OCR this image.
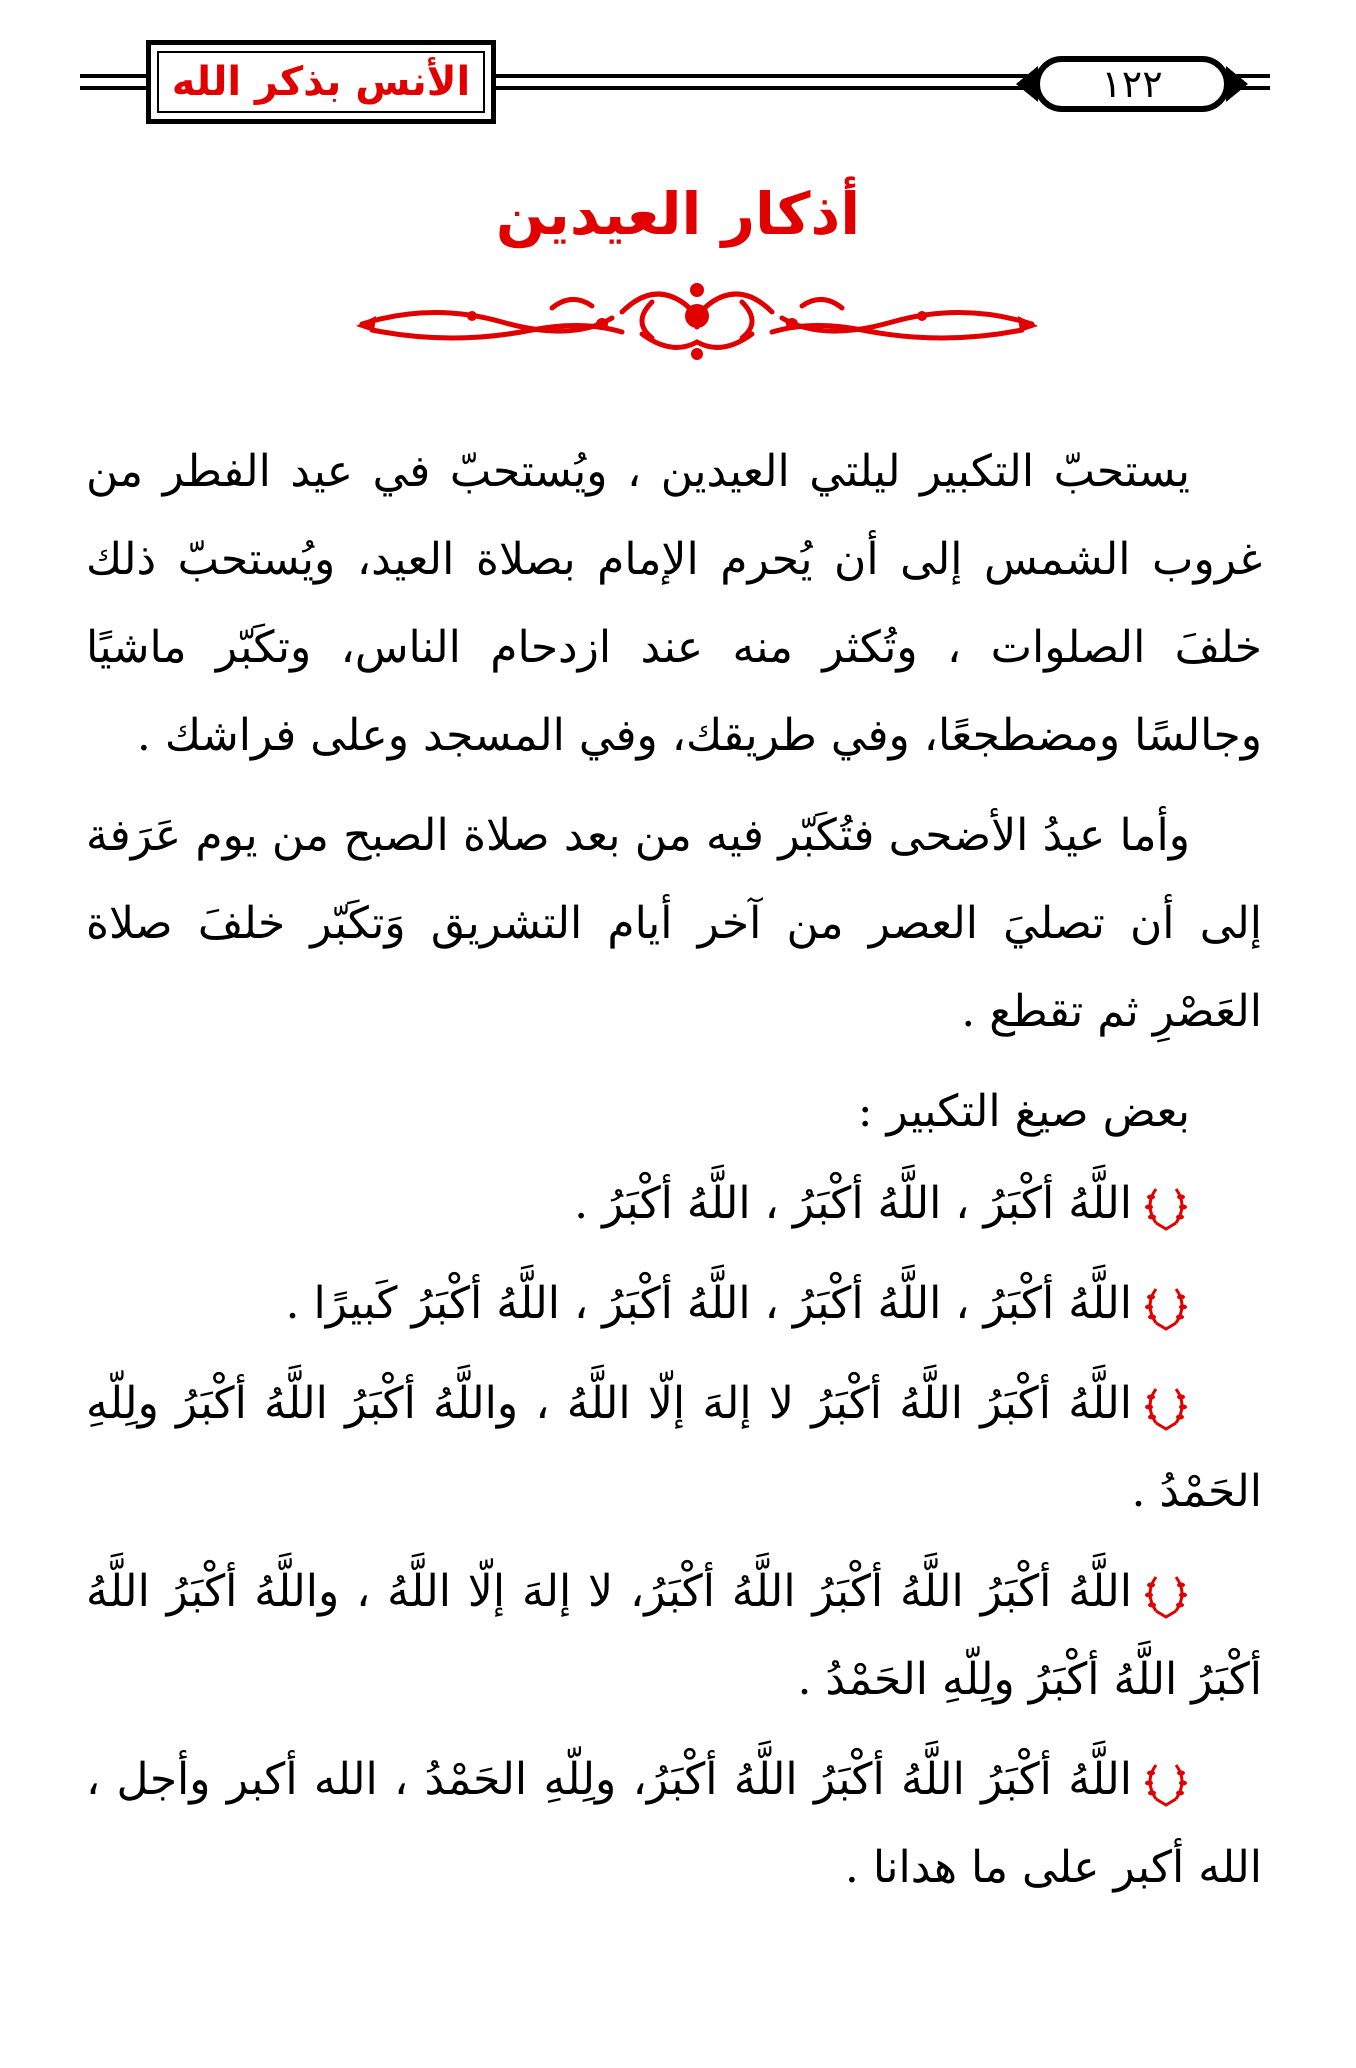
الأنس بذكر الله	١٢٢
أذكار العيدين

يستحبّ التكبير ليلتي العيدين ، ويُستحبّ في عيد الفطر من غروب الشمس إلى أن يُحرم الإمام بصلاة العيد، ويُستحبّ ذلك خلفَ الصلوات ، وتُكثر منه عند ازدحام الناس، وتكَبّر ماشيًا وجالسًا ومضطجعًا، وفي طريقك، وفي المسجد وعلى فراشك .

وأما عيدُ الأضحى فتُكَبّر فيه من بعد صلاة الصبح من يوم عَرَفة إلى أن تصليَ العصر من آخر أيام التشريق وَتكَبّر خلفَ صلاة العَصْرِ ثم تقطع .

بعض صيغ التكبير :

اللَّهُ أكْبَرُ ، اللَّهُ أكْبَرُ ، اللَّهُ أكْبَرُ .

اللَّهُ أكْبَرُ ، اللَّهُ أكْبَرُ ، اللَّهُ أكْبَرُ ، اللَّهُ أكْبَرُ كَبيرًا .

اللَّهُ أكْبَرُ اللَّهُ أكْبَرُ لا إلهَ إلّا اللَّهُ ، واللَّهُ أكْبَرُ اللَّهُ أكْبَرُ ولِلّهِ الحَمْدُ .

اللَّهُ أكْبَرُ اللَّهُ أكْبَرُ اللَّهُ أكْبَرُ، لا إلهَ إلّا اللَّهُ ، واللَّهُ أكْبَرُ اللَّهُ أكْبَرُ اللَّهُ أكْبَرُ ولِلّهِ الحَمْدُ .

اللَّهُ أكْبَرُ اللَّهُ أكْبَرُ اللَّهُ أكْبَرُ، ولِلّهِ الحَمْدُ ، الله أكبر وأجل ، الله أكبر على ما هدانا .
